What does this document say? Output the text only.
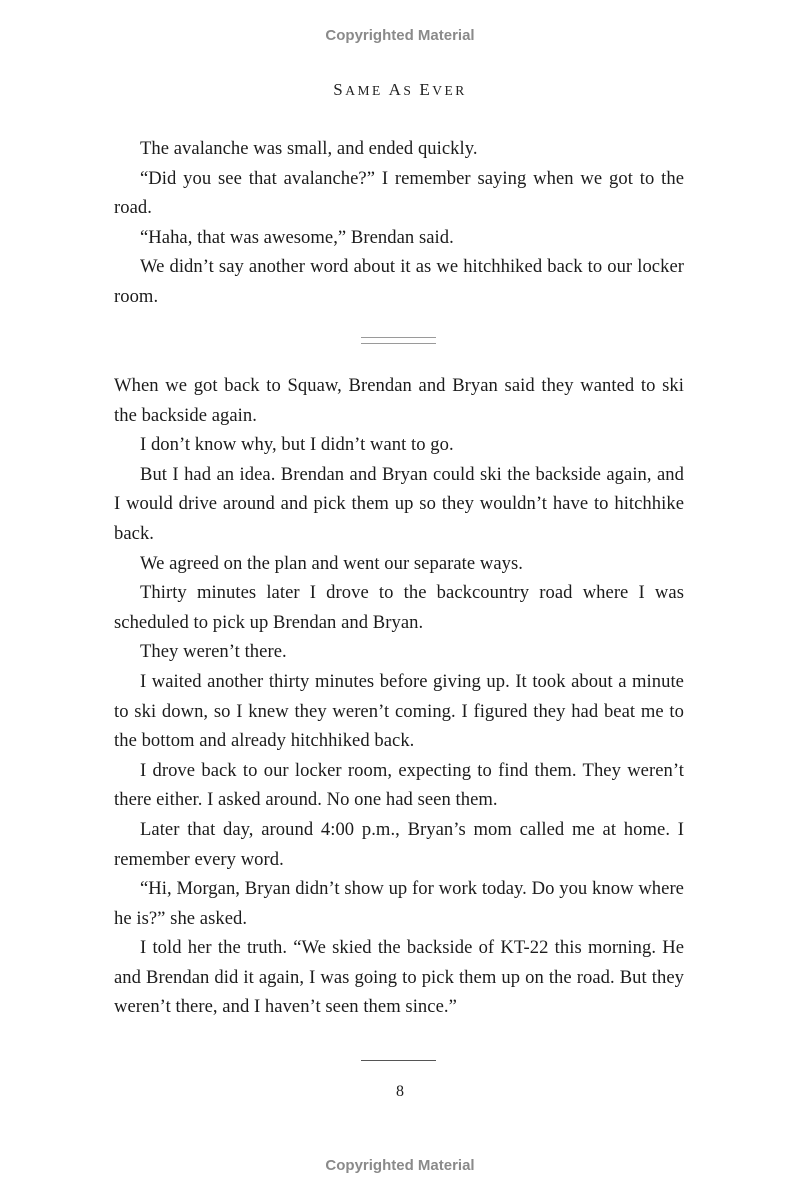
Copyrighted Material
SAME AS EVER

The avalanche was small, and ended quickly.

“Did you see that avalanche?” I remember saying when we got to the road.

“Haha, that was awesome,” Brendan said.

We didn’t say another word about it as we hitchhiked back to our locker room.

When we got back to Squaw, Brendan and Bryan said they wanted to ski the backside again.

I don’t know why, but I didn’t want to go.

But I had an idea. Brendan and Bryan could ski the backside again, and I would drive around and pick them up so they wouldn’t have to hitchhike back.

We agreed on the plan and went our separate ways.

Thirty minutes later I drove to the backcountry road where I was scheduled to pick up Brendan and Bryan.

They weren’t there.

I waited another thirty minutes before giving up. It took about a minute to ski down, so I knew they weren’t coming. I figured they had beat me to the bottom and already hitchhiked back.

I drove back to our locker room, expecting to find them. They weren’t there either. I asked around. No one had seen them.

Later that day, around 4:00 p.m., Bryan’s mom called me at home. I remember every word.

“Hi, Morgan, Bryan didn’t show up for work today. Do you know where he is?” she asked.

I told her the truth. “We skied the backside of KT-22 this morning. He and Brendan did it again, I was going to pick them up on the road. But they weren’t there, and I haven’t seen them since.”

8
Copyrighted Material
